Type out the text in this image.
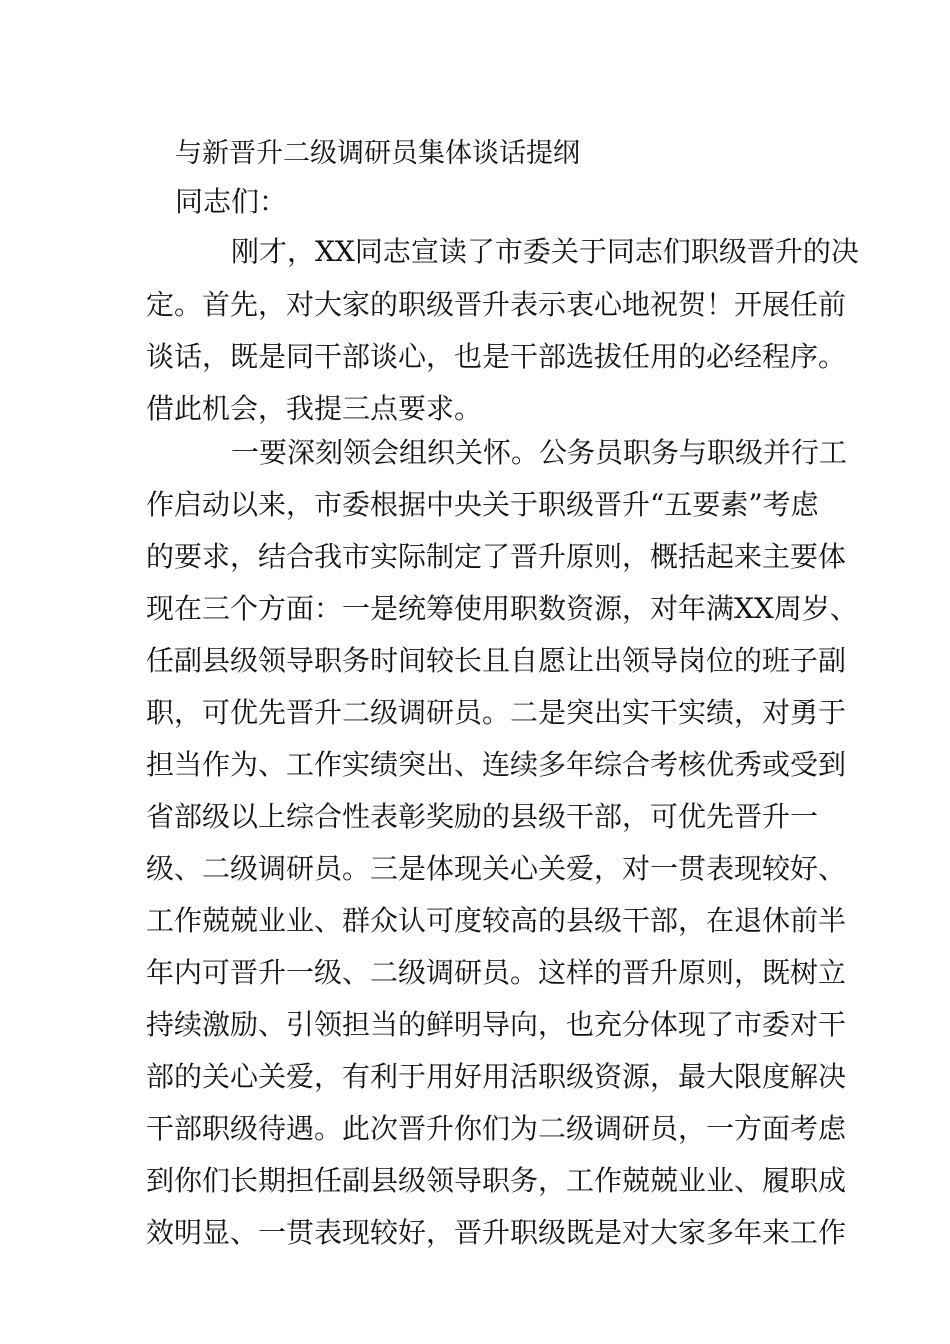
与新晋升二级调研员集体谈话提纲
同志们：
刚才，XX同志宣读了市委关于同志们职级晋升的决
定。首先，对大家的职级晋升表示衷心地祝贺！开展任前
谈话，既是同干部谈心，也是干部选拔任用的必经程序。
借此机会，我提三点要求。
一要深刻领会组织关怀。公务员职务与职级并行工
作启动以来，市委根据中央关于职级晋升“五要素”考虑
的要求，结合我市实际制定了晋升原则，概括起来主要体
现在三个方面：一是统筹使用职数资源，对年满XX周岁、
任副县级领导职务时间较长且自愿让出领导岗位的班子副
职，可优先晋升二级调研员。二是突出实干实绩，对勇于
担当作为、工作实绩突出、连续多年综合考核优秀或受到
省部级以上综合性表彰奖励的县级干部，可优先晋升一
级、二级调研员。三是体现关心关爱，对一贯表现较好、
工作兢兢业业、群众认可度较高的县级干部，在退休前半
年内可晋升一级、二级调研员。这样的晋升原则，既树立
持续激励、引领担当的鲜明导向，也充分体现了市委对干
部的关心关爱，有利于用好用活职级资源，最大限度解决
干部职级待遇。此次晋升你们为二级调研员，一方面考虑
到你们长期担任副县级领导职务，工作兢兢业业、履职成
效明显、一贯表现较好，晋升职级既是对大家多年来工作
